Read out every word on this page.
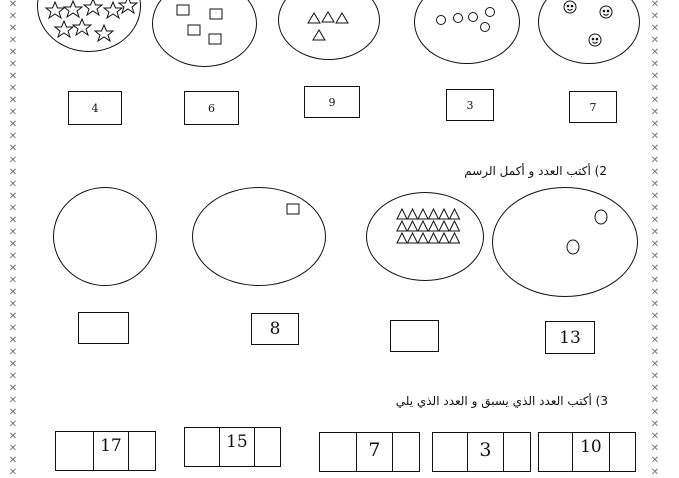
✕
✕
✕
✕
✕
✕
✕
✕
✕
✕
✕
✕
✕
✕
✕
✕
✕
✕
✕
✕
✕
✕
✕
✕
✕
✕
✕
✕
✕
✕
✕
✕
✕
✕
✕
✕
✕
✕
✕
✕
✕
✕
✕
✕
✕
✕
✕
✕
✕
✕
✕
✕
✕
✕
✕
✕
✕
✕
✕
✕
✕
✕
✕
✕
✕
✕
✕
✕
✕
✕
✕
✕
✕
✕
✕
✕
✕
✕
✕
✕
4	6	9	3	7
2) أكتب العدد و أكمل الرسم
8	13
3) أكتب العدد الذي يسبق و العدد الذي يلي
17	15	7	3	10
